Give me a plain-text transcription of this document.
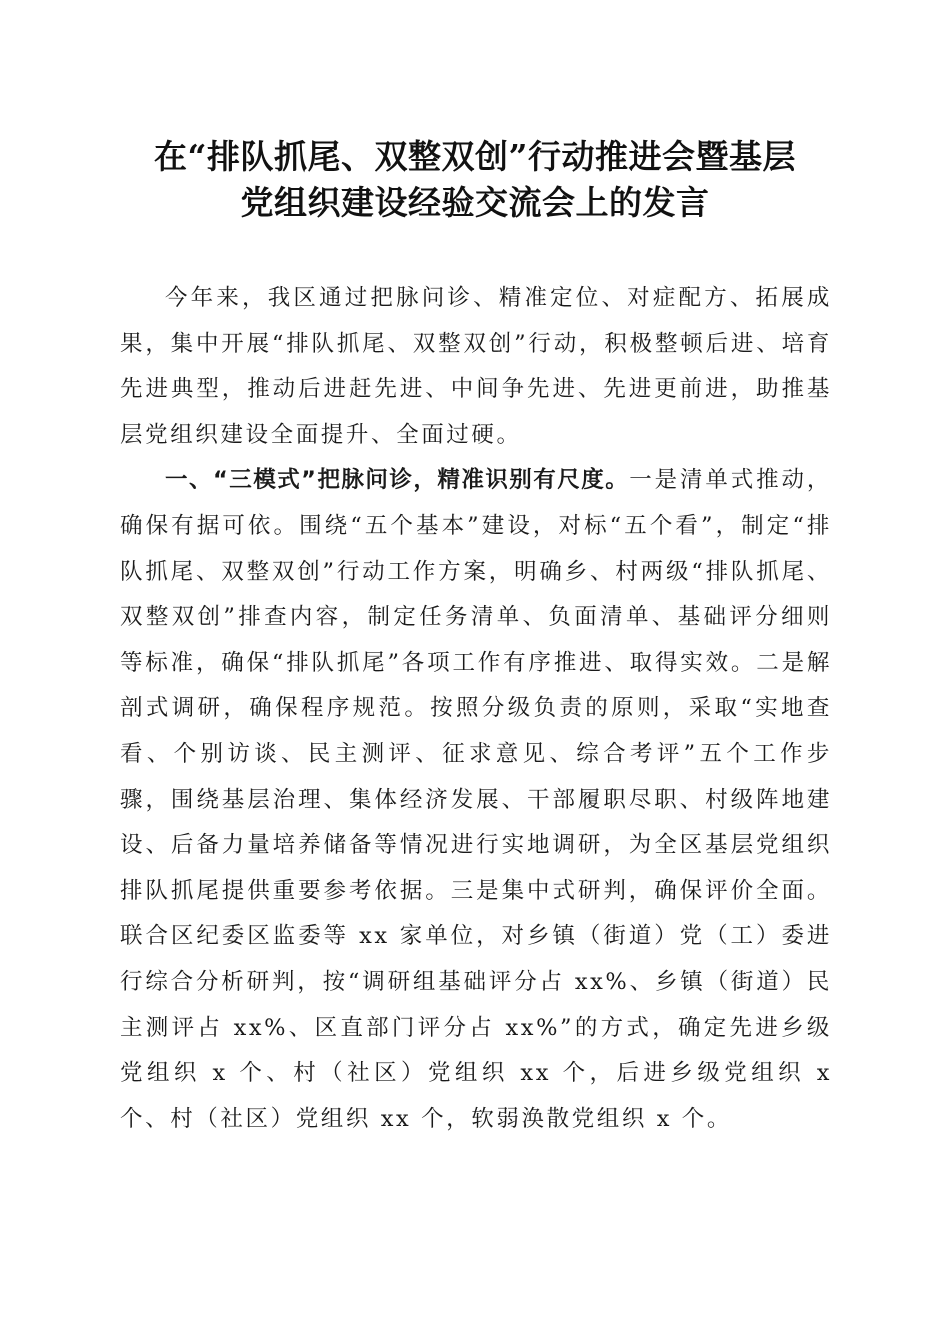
在“排队抓尾、双整双创”行动推进会暨基层
党组织建设经验交流会上的发言

今年来，我区通过把脉问诊、精准定位、对症配方、拓展成果，集中开展“排队抓尾、双整双创”行动，积极整顿后进、培育先进典型，推动后进赶先进、中间争先进、先进更前进，助推基层党组织建设全面提升、全面过硬。

一、“三模式”把脉问诊，精准识别有尺度。一是清单式推动，确保有据可依。围绕“五个基本”建设，对标“五个看”，制定“排队抓尾、双整双创”行动工作方案，明确乡、村两级“排队抓尾、双整双创”排查内容，制定任务清单、负面清单、基础评分细则等标准，确保“排队抓尾”各项工作有序推进、取得实效。二是解剖式调研，确保程序规范。按照分级负责的原则，采取“实地查看、个别访谈、民主测评、征求意见、综合考评”五个工作步骤，围绕基层治理、集体经济发展、干部履职尽职、村级阵地建设、后备力量培养储备等情况进行实地调研，为全区基层党组织排队抓尾提供重要参考依据。三是集中式研判，确保评价全面。联合区纪委区监委等 xx 家单位，对乡镇（街道）党（工）委进行综合分析研判，按“调研组基础评分占 xx%、乡镇（街道）民主测评占 xx%、区直部门评分占 xx%”的方式，确定先进乡级党组织 x 个、村（社区）党组织 xx 个，后进乡级党组织 x 个、村（社区）党组织 xx 个，软弱涣散党组织 x 个。
